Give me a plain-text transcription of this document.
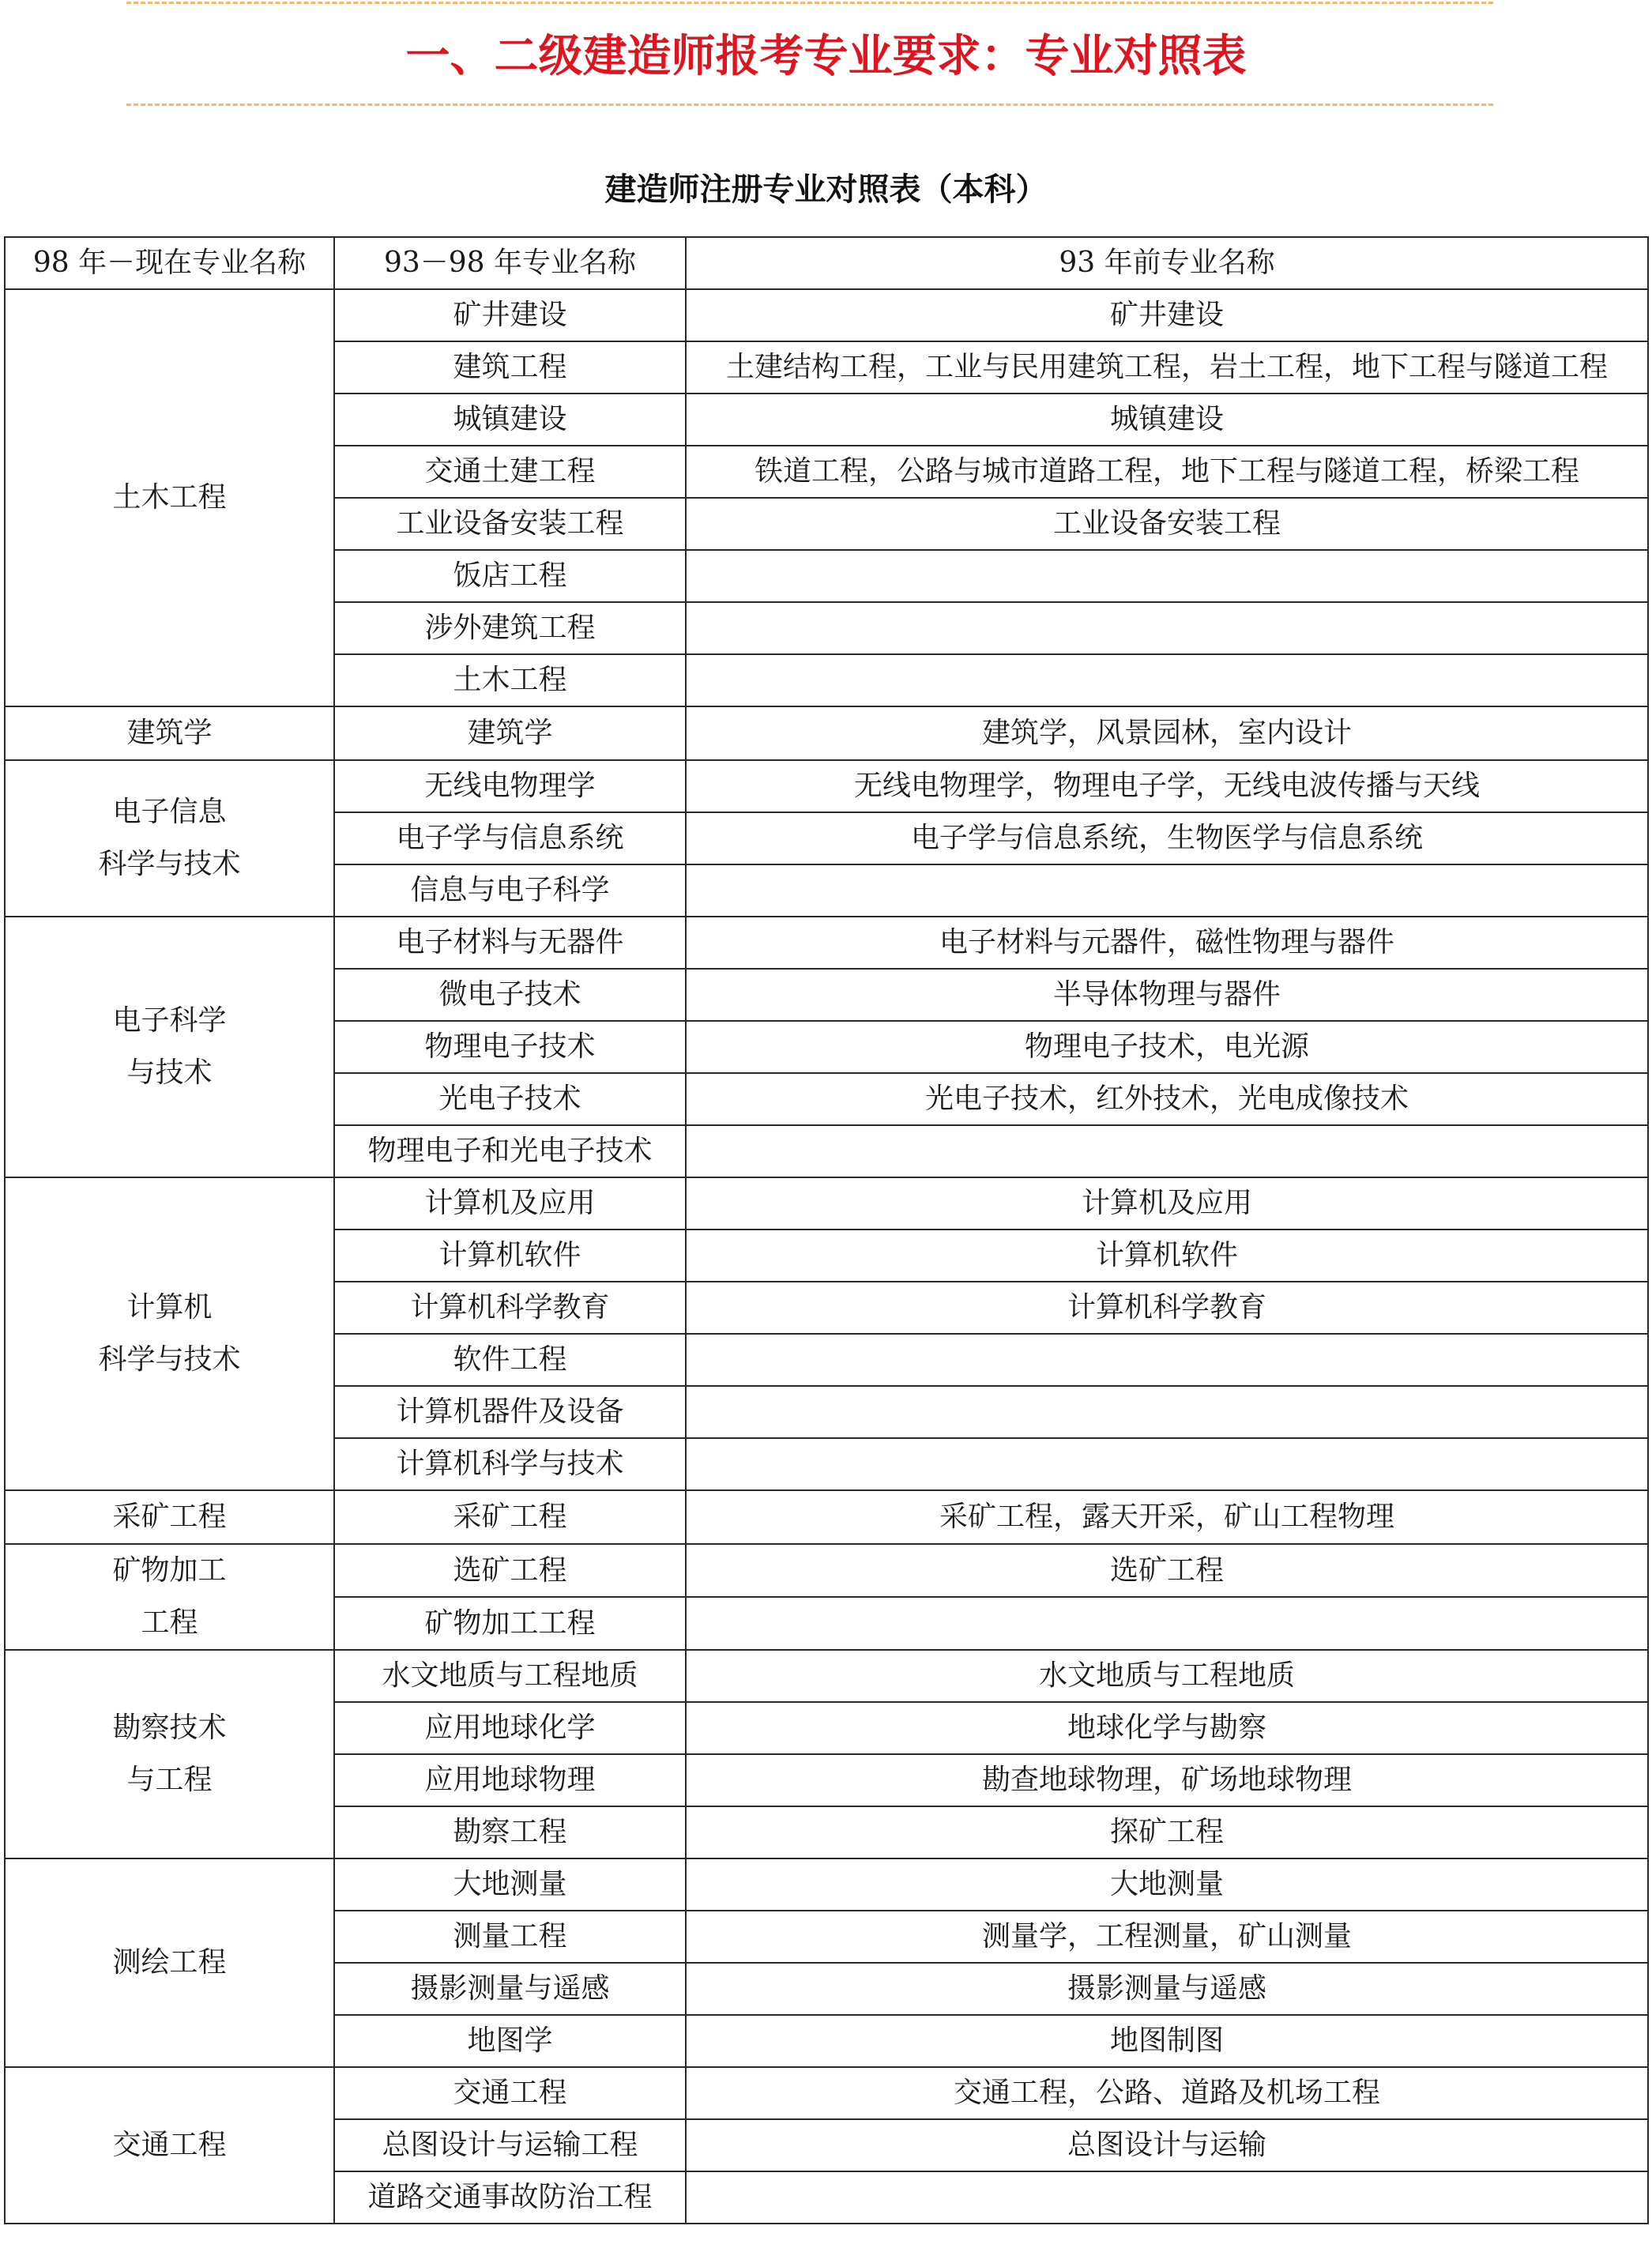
一、二级建造师报考专业要求：专业对照表
建造师注册专业对照表（本科）
98 年－现在专业名称	93－98 年专业名称	93 年前专业名称

土木工程	矿井建设	矿井建设
	建筑工程	土建结构工程，工业与民用建筑工程，岩土工程，地下工程与隧道工程
	城镇建设	城镇建设
	交通土建工程	铁道工程，公路与城市道路工程，地下工程与隧道工程，桥梁工程
	工业设备安装工程	工业设备安装工程
	饭店工程	
	涉外建筑工程	
	土木工程	

建筑学	建筑学	建筑学，风景园林，室内设计

电子信息
科学与技术	无线电物理学	无线电物理学，物理电子学，无线电波传播与天线
	电子学与信息系统	电子学与信息系统，生物医学与信息系统
	信息与电子科学	

电子科学
与技术	电子材料与无器件	电子材料与元器件，磁性物理与器件
	微电子技术	半导体物理与器件
	物理电子技术	物理电子技术，电光源
	光电子技术	光电子技术，红外技术，光电成像技术
	物理电子和光电子技术	

计算机
科学与技术	计算机及应用	计算机及应用
	计算机软件	计算机软件
	计算机科学教育	计算机科学教育
	软件工程	
	计算机器件及设备	
	计算机科学与技术	

采矿工程	采矿工程	采矿工程，露天开采，矿山工程物理

矿物加工
工程	选矿工程	选矿工程
	矿物加工工程	

勘察技术
与工程	水文地质与工程地质	水文地质与工程地质
	应用地球化学	地球化学与勘察
	应用地球物理	勘查地球物理，矿场地球物理
	勘察工程	探矿工程

测绘工程	大地测量	大地测量
	测量工程	测量学，工程测量，矿山测量
	摄影测量与遥感	摄影测量与遥感
	地图学	地图制图

交通工程	交通工程	交通工程，公路、道路及机场工程
	总图设计与运输工程	总图设计与运输
	道路交通事故防治工程	
